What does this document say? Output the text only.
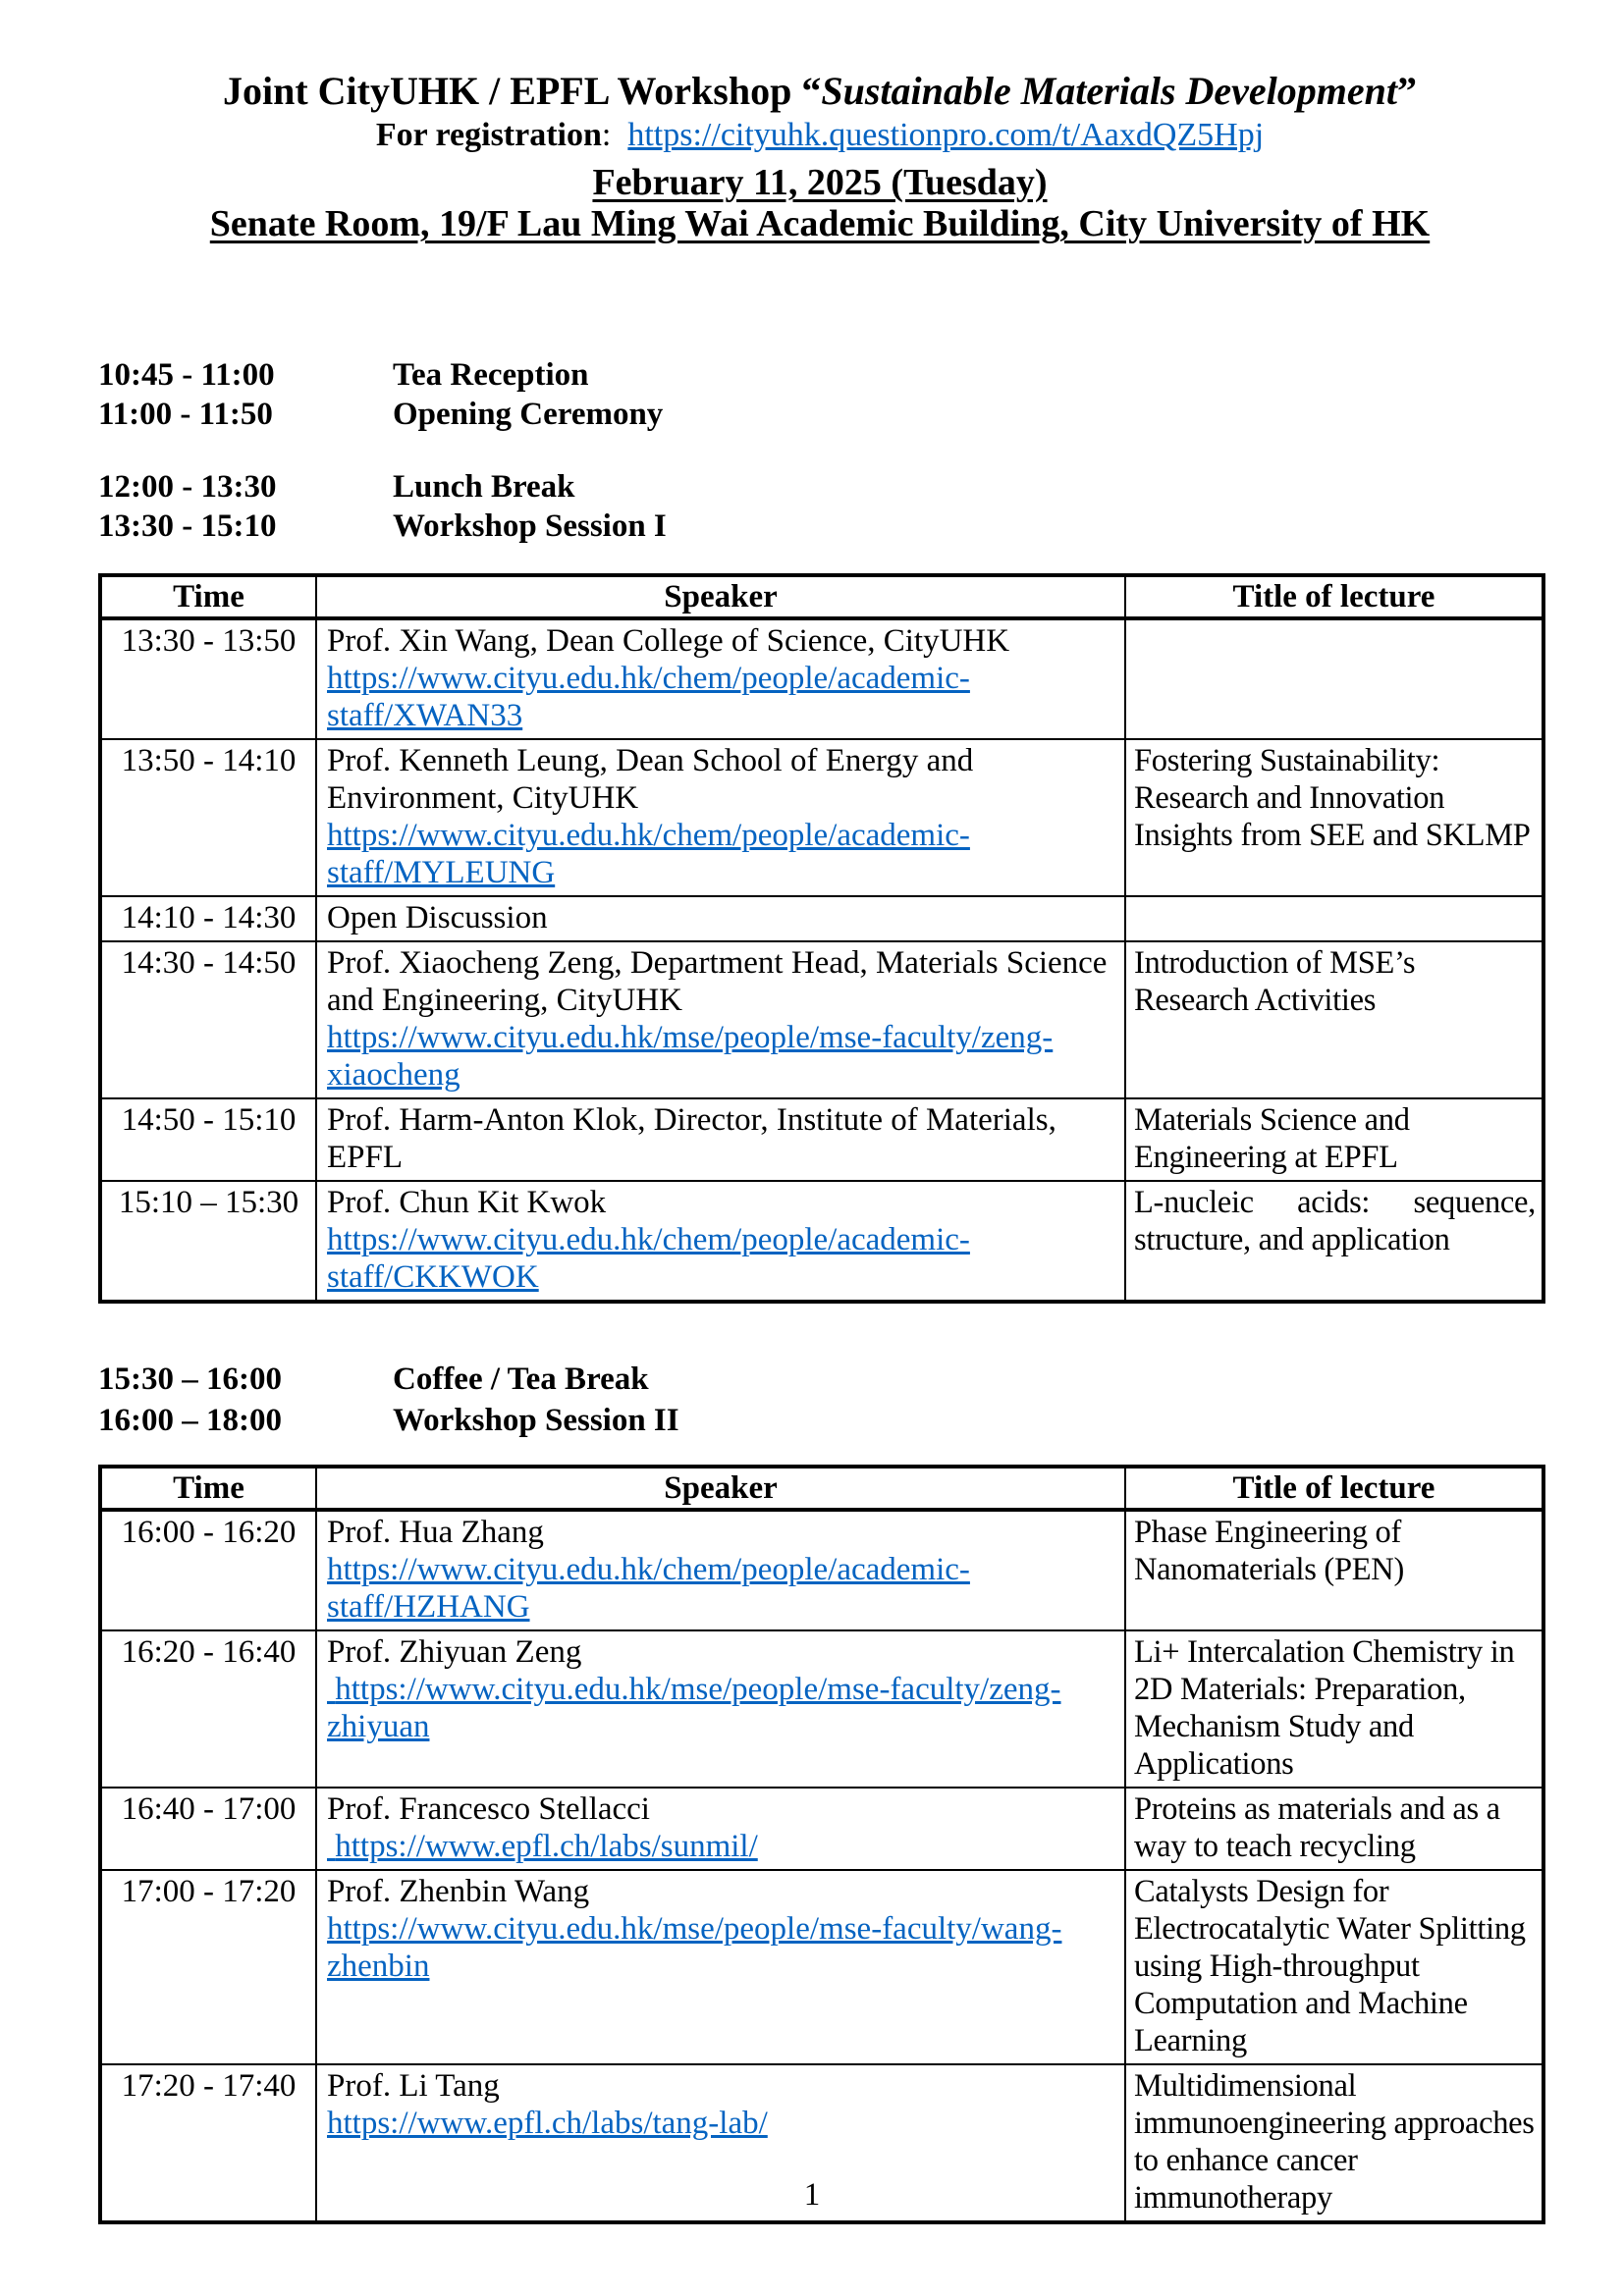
Joint CityUHK / EPFL Workshop “Sustainable Materials Development”
For registration:  https://cityuhk.questionpro.com/t/AaxdQZ5Hpj
February 11, 2025 (Tuesday)
Senate Room, 19/F Lau Ming Wai Academic Building, City University of HK
10:45 - 11:00	Tea Reception
11:00 - 11:50	Opening Ceremony
12:00 - 13:30	Lunch Break
13:30 - 15:10	Workshop Session I
Time	Speaker	Title of lecture
13:30 - 13:50	Prof. Xin Wang, Dean College of Science, CityUHK
https://www.cityu.edu.hk/chem/people/academic-staff/XWAN33	

13:50 - 14:10	Prof. Kenneth Leung, Dean School of Energy and Environment, CityUHK
https://www.cityu.edu.hk/chem/people/academic-staff/MYLEUNG	Fostering Sustainability: Research and Innovation Insights from SEE and SKLMP
14:10 - 14:30	Open Discussion	

14:30 - 14:50	Prof. Xiaocheng Zeng, Department Head, Materials Science and Engineering, CityUHK
https://www.cityu.edu.hk/mse/people/mse-faculty/zeng-xiaocheng	Introduction of MSE’s Research Activities
14:50 - 15:10	Prof. Harm-Anton Klok, Director, Institute of Materials, EPFL	Materials Science and Engineering at EPFL
15:10 – 15:30	Prof. Chun Kit Kwok
https://www.cityu.edu.hk/chem/people/academic-staff/CKKWOK	L-nucleic acids: sequence, structure, and application
15:30 – 16:00	Coffee / Tea Break
16:00 – 18:00	Workshop Session II
Time	Speaker	Title of lecture
16:00 - 16:20	Prof. Hua Zhang
https://www.cityu.edu.hk/chem/people/academic-staff/HZHANG	Phase Engineering of Nanomaterials (PEN)
16:20 - 16:40	Prof. Zhiyuan Zeng
https://www.cityu.edu.hk/mse/people/mse-faculty/zeng-zhiyuan	Li+ Intercalation Chemistry in 2D Materials: Preparation, Mechanism Study and Applications
16:40 - 17:00	Prof. Francesco Stellacci
https://www.epfl.ch/labs/sunmil/	Proteins as materials and as a way to teach recycling
17:00 - 17:20	Prof. Zhenbin Wang
https://www.cityu.edu.hk/mse/people/mse-faculty/wang-zhenbin	Catalysts Design for Electrocatalytic Water Splitting using High-throughput Computation and Machine Learning
17:20 - 17:40	Prof. Li Tang
https://www.epfl.ch/labs/tang-lab/	Multidimensional immunoengineering approaches to enhance cancer immunotherapy
1
